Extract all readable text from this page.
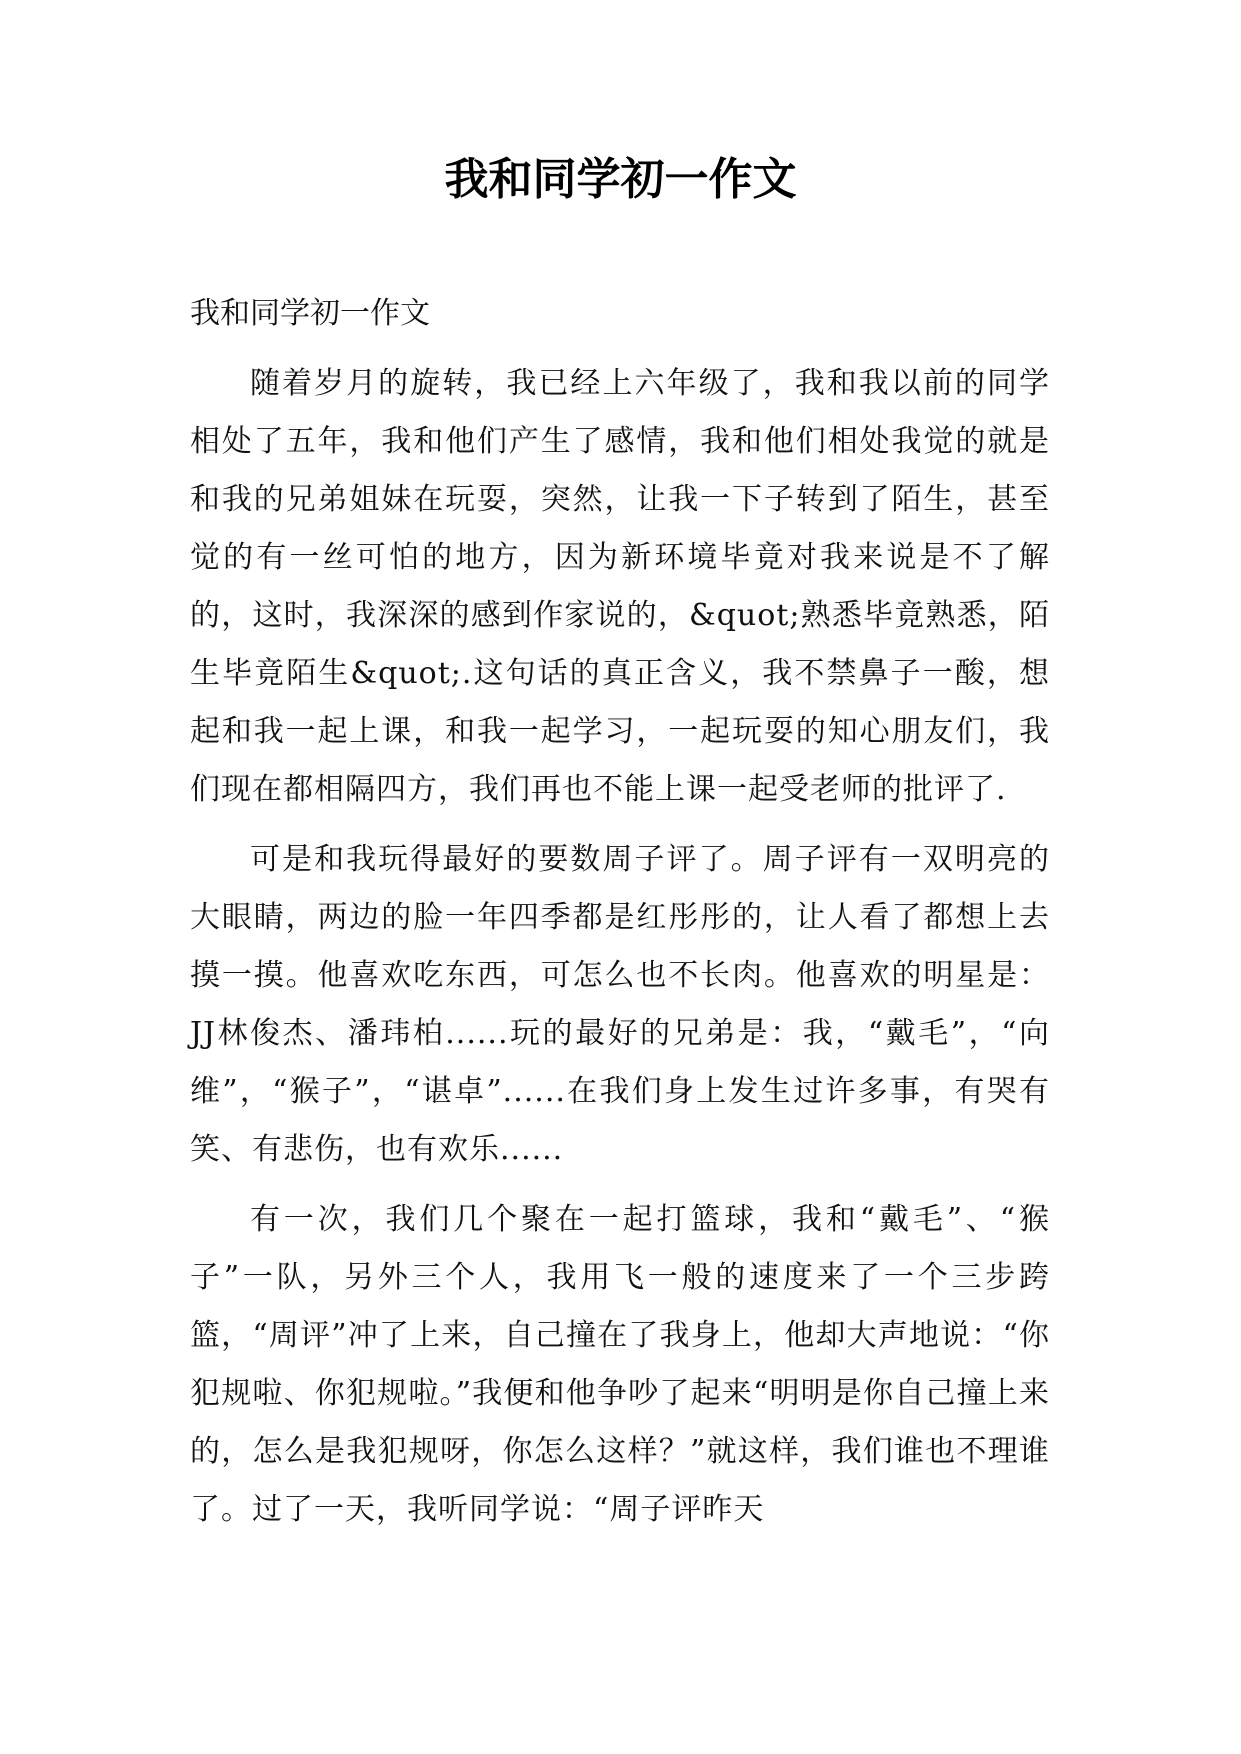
我和同学初一作文

我和同学初一作文

随着岁月的旋转，我已经上六年级了，我和我以前的同学相处了五年，我和他们产生了感情，我和他们相处我觉的就是和我的兄弟姐妹在玩耍，突然，让我一下子转到了陌生，甚至觉的有一丝可怕的地方，因为新环境毕竟对我来说是不了解的，这时，我深深的感到作家说的，&quot;熟悉毕竟熟悉，陌生毕竟陌生&quot;.这句话的真正含义，我不禁鼻子一酸，想起和我一起上课，和我一起学习，一起玩耍的知心朋友们，我们现在都相隔四方，我们再也不能上课一起受老师的批评了.

可是和我玩得最好的要数周子评了。周子评有一双明亮的大眼睛，两边的脸一年四季都是红彤彤的，让人看了都想上去摸一摸。他喜欢吃东西，可怎么也不长肉。他喜欢的明星是：JJ林俊杰、潘玮柏......玩的最好的兄弟是：我，“戴毛”，“向维”，“猴子”，“谌卓”......在我们身上发生过许多事，有哭有笑、有悲伤，也有欢乐......

有一次，我们几个聚在一起打篮球，我和“戴毛”、“猴子”一队，另外三个人，我用飞一般的速度来了一个三步跨篮，“周评”冲了上来，自己撞在了我身上，他却大声地说：“你犯规啦、你犯规啦。”我便和他争吵了起来“明明是你自己撞上来的，怎么是我犯规呀，你怎么这样？”就这样，我们谁也不理谁了。过了一天，我听同学说：“周子评昨天
